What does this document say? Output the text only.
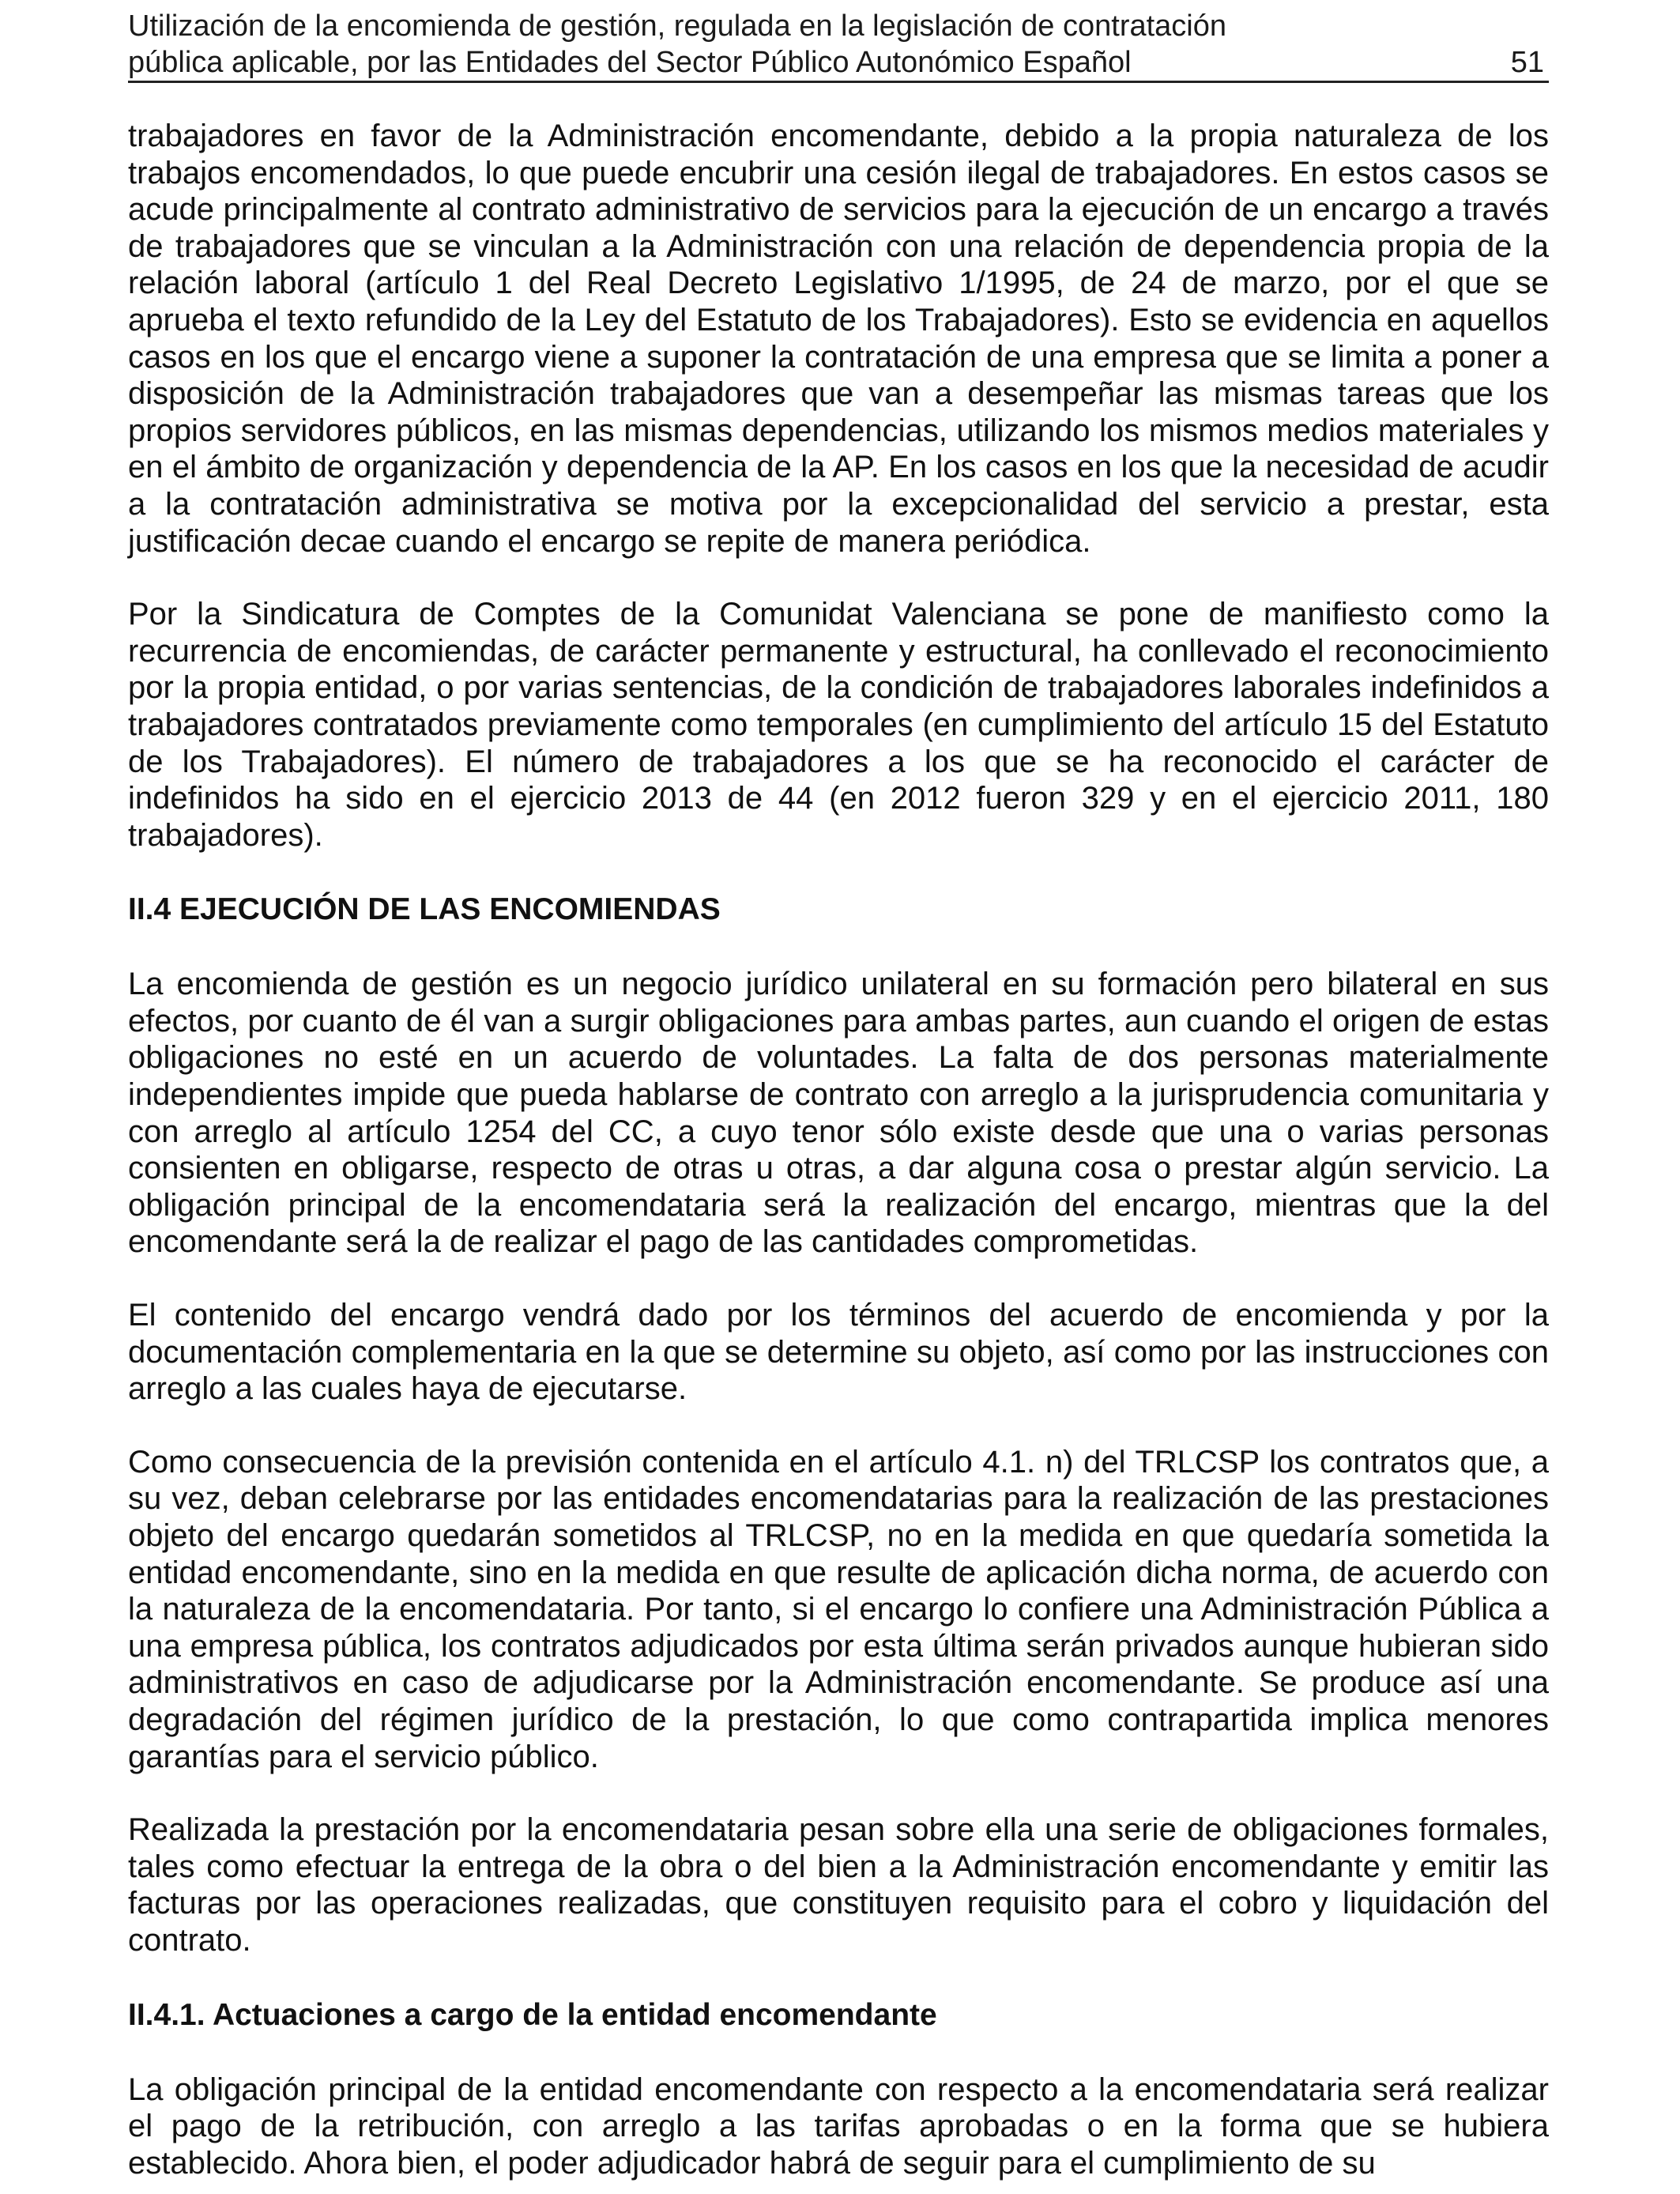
Utilización de la encomienda de gestión, regulada en la legislación de contratación
pública aplicable, por las Entidades del Sector Público Autonómico Español	51

trabajadores en favor de la Administración encomendante, debido a la propia naturaleza de los trabajos encomendados, lo que puede encubrir una cesión ilegal de trabajadores. En estos casos se acude principalmente al contrato administrativo de servicios para la ejecución de un encargo a través de trabajadores que se vinculan a la Administración con una relación de dependencia propia de la relación laboral (artículo 1 del Real Decreto Legislativo 1/1995, de 24 de marzo, por el que se aprueba el texto refundido de la Ley del Estatuto de los Trabajadores). Esto se evidencia en aquellos casos en los que el encargo viene a suponer la contratación de una empresa que se limita a poner a disposición de la Administración trabajadores que van a desempeñar las mismas tareas que los propios servidores públicos, en las mismas dependencias, utilizando los mismos medios materiales y en el ámbito de organización y dependencia de la AP. En los casos en los que la necesidad de acudir a la contratación administrativa se motiva por la excepcionalidad del servicio a prestar, esta justificación decae cuando el encargo se repite de manera periódica.

Por la Sindicatura de Comptes de la Comunidat Valenciana se pone de manifiesto como la recurrencia de encomiendas, de carácter permanente y estructural, ha conllevado el reconocimiento por la propia entidad, o por varias sentencias, de la condición de trabajadores laborales indefinidos a trabajadores contratados previamente como temporales (en cumplimiento del artículo 15 del Estatuto de los Trabajadores). El número de trabajadores a los que se ha reconocido el carácter de indefinidos ha sido en el ejercicio 2013 de 44 (en 2012 fueron 329 y en el ejercicio 2011, 180 trabajadores).

II.4 EJECUCIÓN DE LAS ENCOMIENDAS

La encomienda de gestión es un negocio jurídico unilateral en su formación pero bilateral en sus efectos, por cuanto de él van a surgir obligaciones para ambas partes, aun cuando el origen de estas obligaciones no esté en un acuerdo de voluntades. La falta de dos personas materialmente independientes impide que pueda hablarse de contrato con arreglo a la jurisprudencia comunitaria y con arreglo al artículo 1254 del CC, a cuyo tenor sólo existe desde que una o varias personas consienten en obligarse, respecto de otras u otras, a dar alguna cosa o prestar algún servicio. La obligación principal de la encomendataria será la realización del encargo, mientras que la del encomendante será la de realizar el pago de las cantidades comprometidas.

El contenido del encargo vendrá dado por los términos del acuerdo de encomienda y por la documentación complementaria en la que se determine su objeto, así como por las instrucciones con arreglo a las cuales haya de ejecutarse.

Como consecuencia de la previsión contenida en el artículo 4.1. n) del TRLCSP los contratos que, a su vez, deban celebrarse por las entidades encomendatarias para la realización de las prestaciones objeto del encargo quedarán sometidos al TRLCSP, no en la medida en que quedaría sometida la entidad encomendante, sino en la medida en que resulte de aplicación dicha norma, de acuerdo con la naturaleza de la encomendataria. Por tanto, si el encargo lo confiere una Administración Pública a una empresa pública, los contratos adjudicados por esta última serán privados aunque hubieran sido administrativos en caso de adjudicarse por la Administración encomendante. Se produce así una degradación del régimen jurídico de la prestación, lo que como contrapartida implica menores garantías para el servicio público.

Realizada la prestación por la encomendataria pesan sobre ella una serie de obligaciones formales, tales como efectuar la entrega de la obra o del bien a la Administración encomendante y emitir las facturas por las operaciones realizadas, que constituyen requisito para el cobro y liquidación del contrato.

II.4.1. Actuaciones a cargo de la entidad encomendante

La obligación principal de la entidad encomendante con respecto a la encomendataria será realizar el pago de la retribución, con arreglo a las tarifas aprobadas o en la forma que se hubiera establecido. Ahora bien, el poder adjudicador habrá de seguir para el cumplimiento de su
